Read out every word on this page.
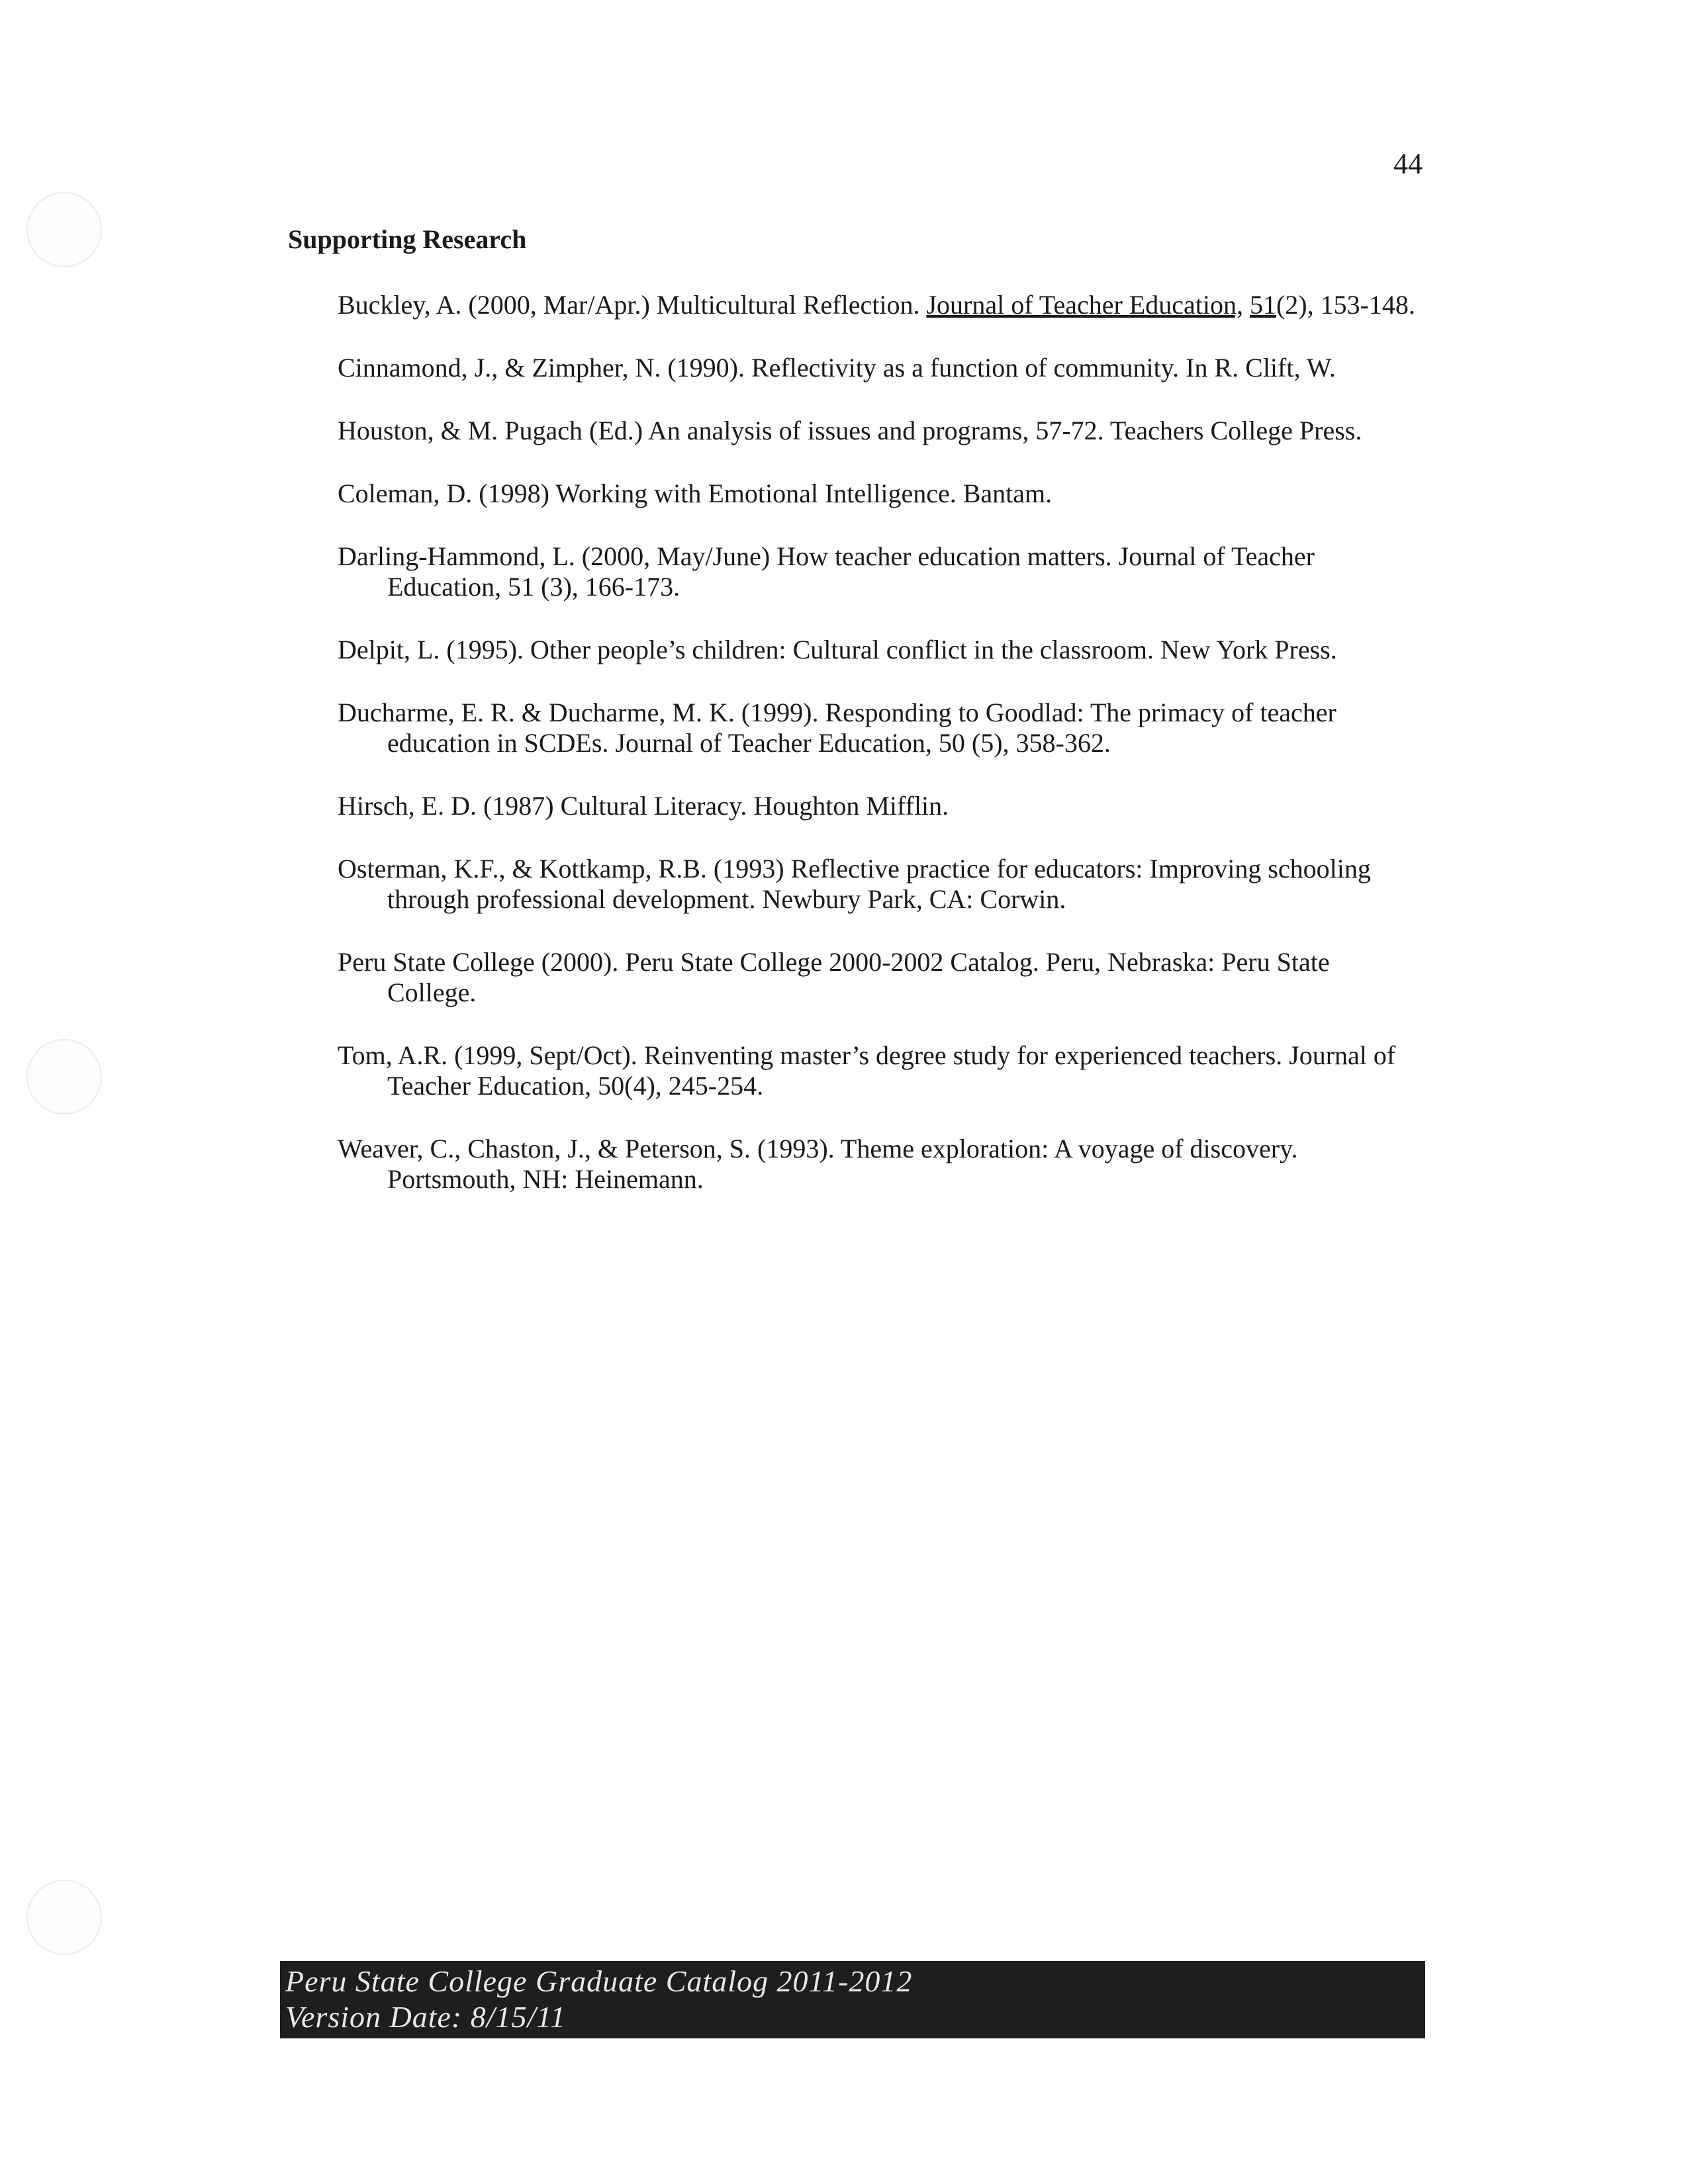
44
Supporting Research
Buckley, A. (2000, Mar/Apr.) Multicultural Reflection. Journal of Teacher Education, 51(2), 153-148.
Cinnamond, J., & Zimpher, N. (1990). Reflectivity as a function of community. In R. Clift, W.
Houston, & M. Pugach (Ed.) An analysis of issues and programs, 57-72. Teachers College Press.
Coleman, D. (1998) Working with Emotional Intelligence. Bantam.
Darling-Hammond, L. (2000, May/June) How teacher education matters. Journal of Teacher Education, 51 (3), 166-173.
Delpit, L. (1995). Other people’s children: Cultural conflict in the classroom. New York Press.
Ducharme, E. R. & Ducharme, M. K. (1999). Responding to Goodlad: The primacy of teacher education in SCDEs. Journal of Teacher Education, 50 (5), 358-362.
Hirsch, E. D. (1987) Cultural Literacy. Houghton Mifflin.
Osterman, K.F., & Kottkamp, R.B. (1993) Reflective practice for educators: Improving schooling through professional development. Newbury Park, CA: Corwin.
Peru State College (2000). Peru State College 2000-2002 Catalog. Peru, Nebraska: Peru State College.
Tom, A.R. (1999, Sept/Oct). Reinventing master’s degree study for experienced teachers. Journal of Teacher Education, 50(4), 245-254.
Weaver, C., Chaston, J., & Peterson, S. (1993). Theme exploration: A voyage of discovery. Portsmouth, NH: Heinemann.
Peru State College Graduate Catalog 2011-2012
Version Date: 8/15/11
